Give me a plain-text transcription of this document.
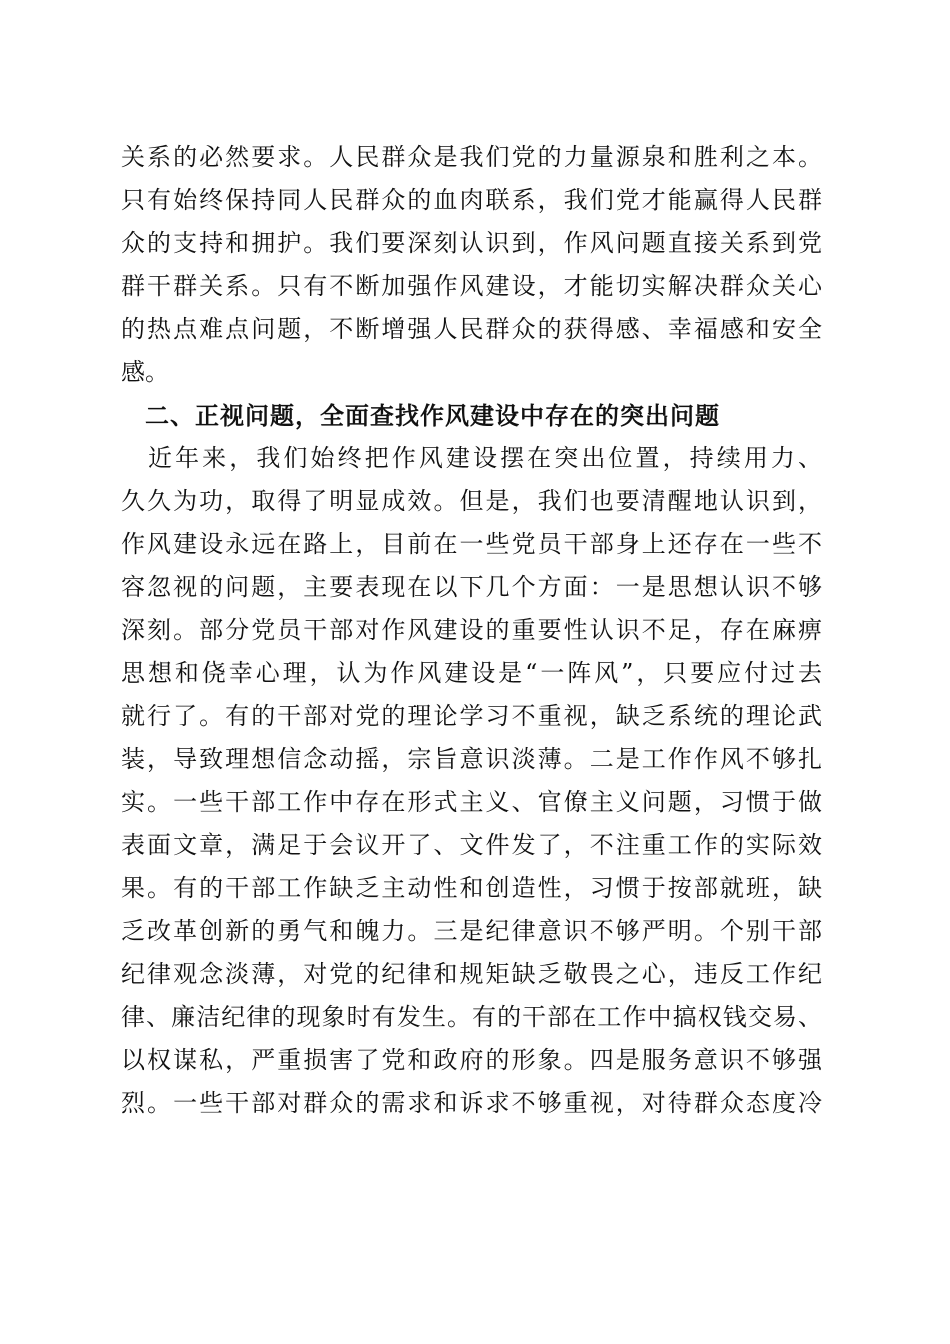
关系的必然要求。人民群众是我们党的力量源泉和胜利之本。
只有始终保持同人民群众的血肉联系，我们党才能赢得人民群
众的支持和拥护。我们要深刻认识到，作风问题直接关系到党
群干群关系。只有不断加强作风建设，才能切实解决群众关心
的热点难点问题，不断增强人民群众的获得感、幸福感和安全
感。
二、正视问题，全面查找作风建设中存在的突出问题
近年来，我们始终把作风建设摆在突出位置，持续用力、
久久为功，取得了明显成效。但是，我们也要清醒地认识到，
作风建设永远在路上，目前在一些党员干部身上还存在一些不
容忽视的问题，主要表现在以下几个方面：一是思想认识不够
深刻。部分党员干部对作风建设的重要性认识不足，存在麻痹
思想和侥幸心理，认为作风建设是“一阵风”，只要应付过去
就行了。有的干部对党的理论学习不重视，缺乏系统的理论武
装，导致理想信念动摇，宗旨意识淡薄。二是工作作风不够扎
实。一些干部工作中存在形式主义、官僚主义问题，习惯于做
表面文章，满足于会议开了、文件发了，不注重工作的实际效
果。有的干部工作缺乏主动性和创造性，习惯于按部就班，缺
乏改革创新的勇气和魄力。三是纪律意识不够严明。个别干部
纪律观念淡薄，对党的纪律和规矩缺乏敬畏之心，违反工作纪
律、廉洁纪律的现象时有发生。有的干部在工作中搞权钱交易、
以权谋私，严重损害了党和政府的形象。四是服务意识不够强
烈。一些干部对群众的需求和诉求不够重视，对待群众态度冷
